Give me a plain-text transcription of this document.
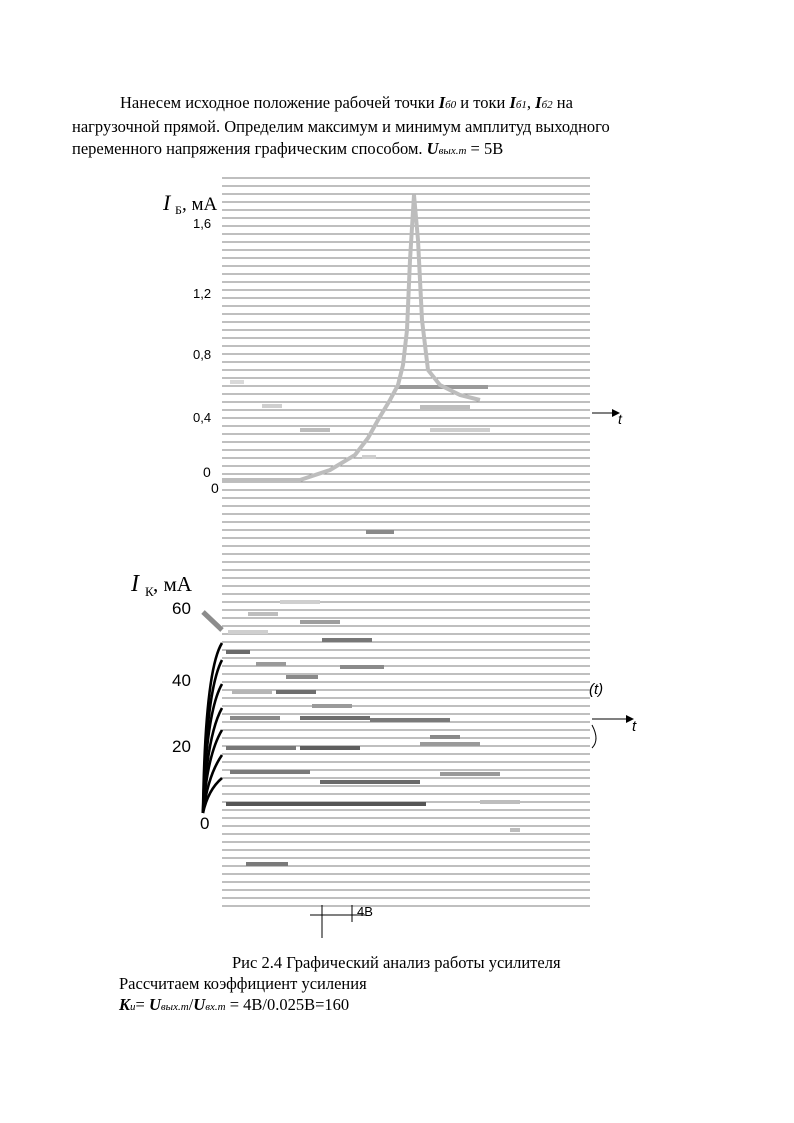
Нанесем исходное положение рабочей точки Iб0 и токи Iб1, Iб2 на
нагрузочной прямой. Определим максимум и минимум амплитуд выходного
переменного напряжения графическим способом. Uвых.m = 5В
I Б , мА
1,6
1,2
0,8
0,4
0
0
t
I К , мА
60
40
20
0
t
(t)
4В
Рис 2.4 Графический анализ работы усилителя
Рассчитаем коэффициент усиления
Ku= Uвых.m/Uвх.m = 4В/0.025В=160
